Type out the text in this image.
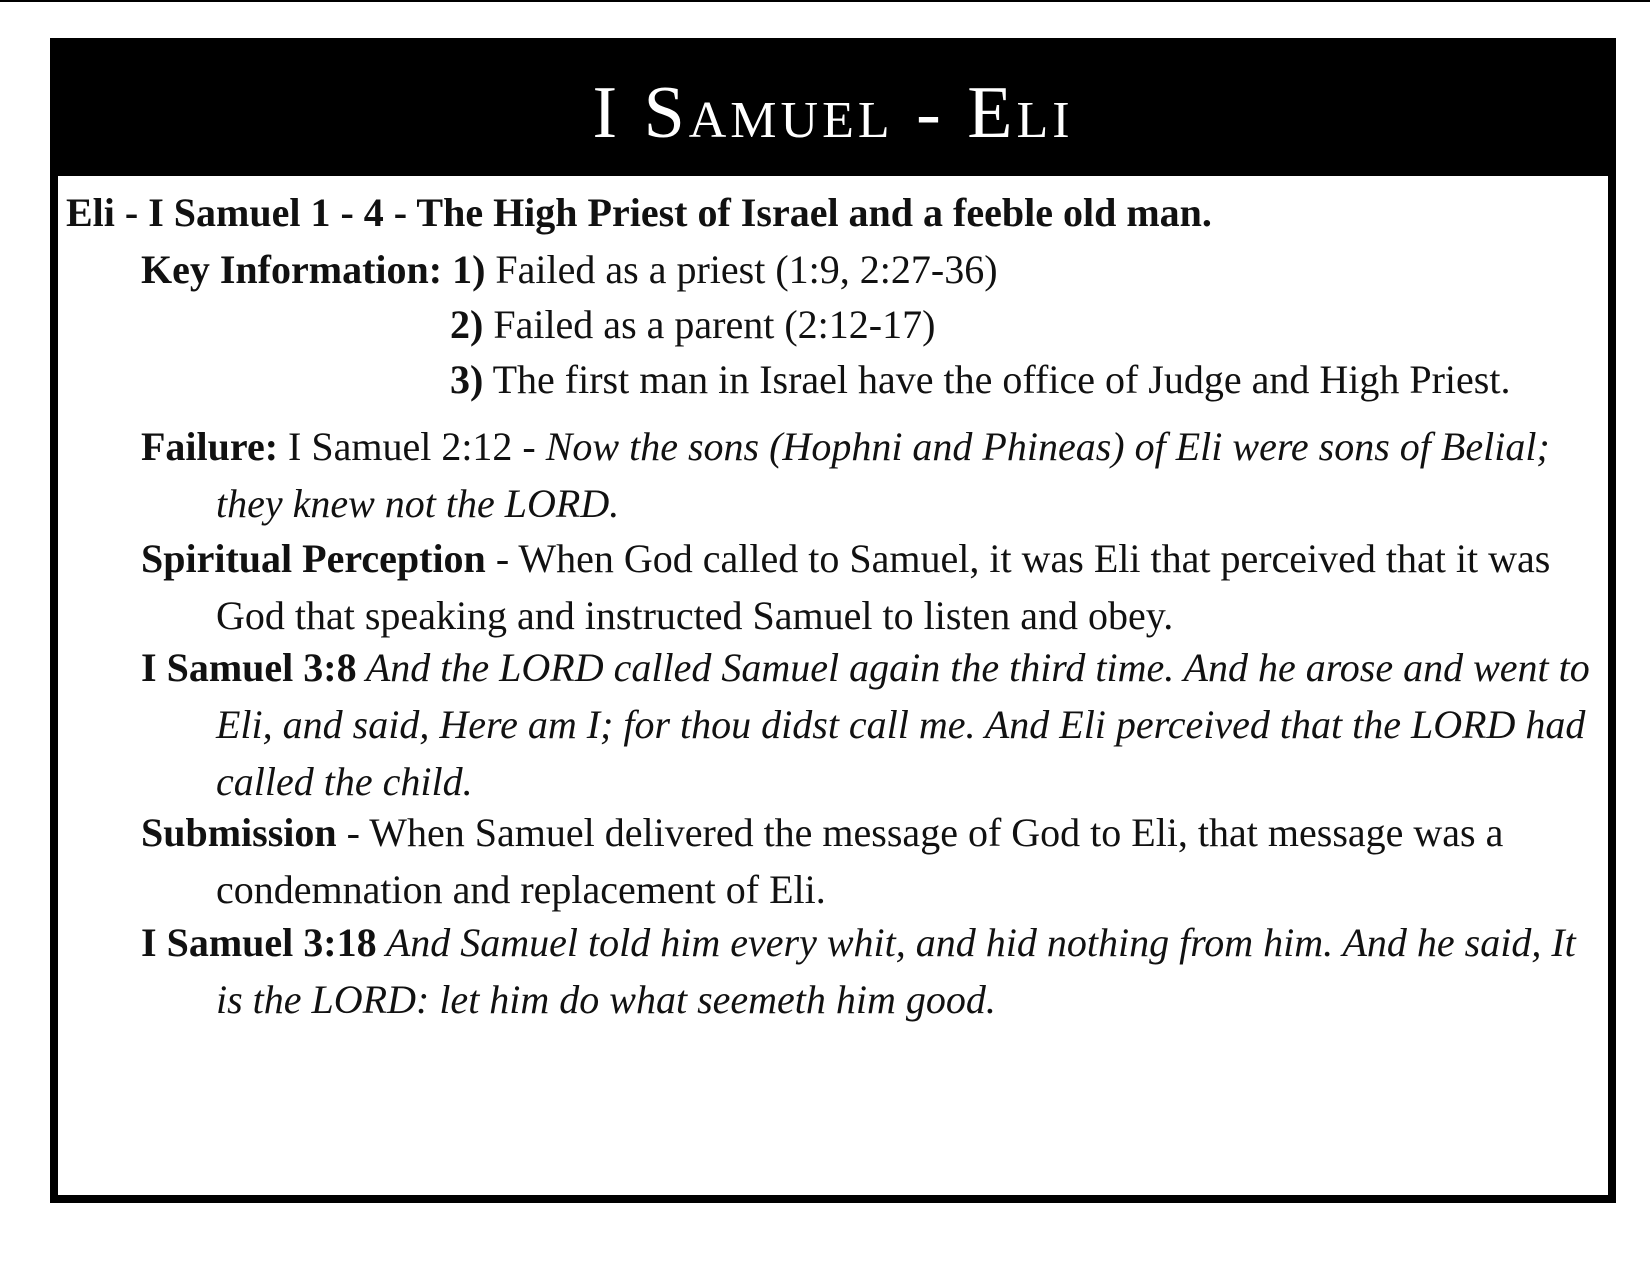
I Samuel - Eli
Eli - I Samuel 1 - 4 - The High Priest of Israel and a feeble old man.
Key Information: 1) Failed as a priest (1:9, 2:27-36)
2) Failed as a parent (2:12-17)
3) The first man in Israel have the office of Judge and High Priest.
Failure: I Samuel 2:12 - Now the sons (Hophni and Phineas) of Eli were sons of Belial; they knew not the LORD.
Spiritual Perception - When God called to Samuel, it was Eli that perceived that it was God that speaking and instructed Samuel to listen and obey.
I Samuel 3:8 And the LORD called Samuel again the third time. And he arose and went to Eli, and said, Here am I; for thou didst call me. And Eli perceived that the LORD had called the child.
Submission - When Samuel delivered the message of God to Eli, that message was a condemnation and replacement of Eli.
I Samuel 3:18 And Samuel told him every whit, and hid nothing from him. And he said, It is the LORD: let him do what seemeth him good.
